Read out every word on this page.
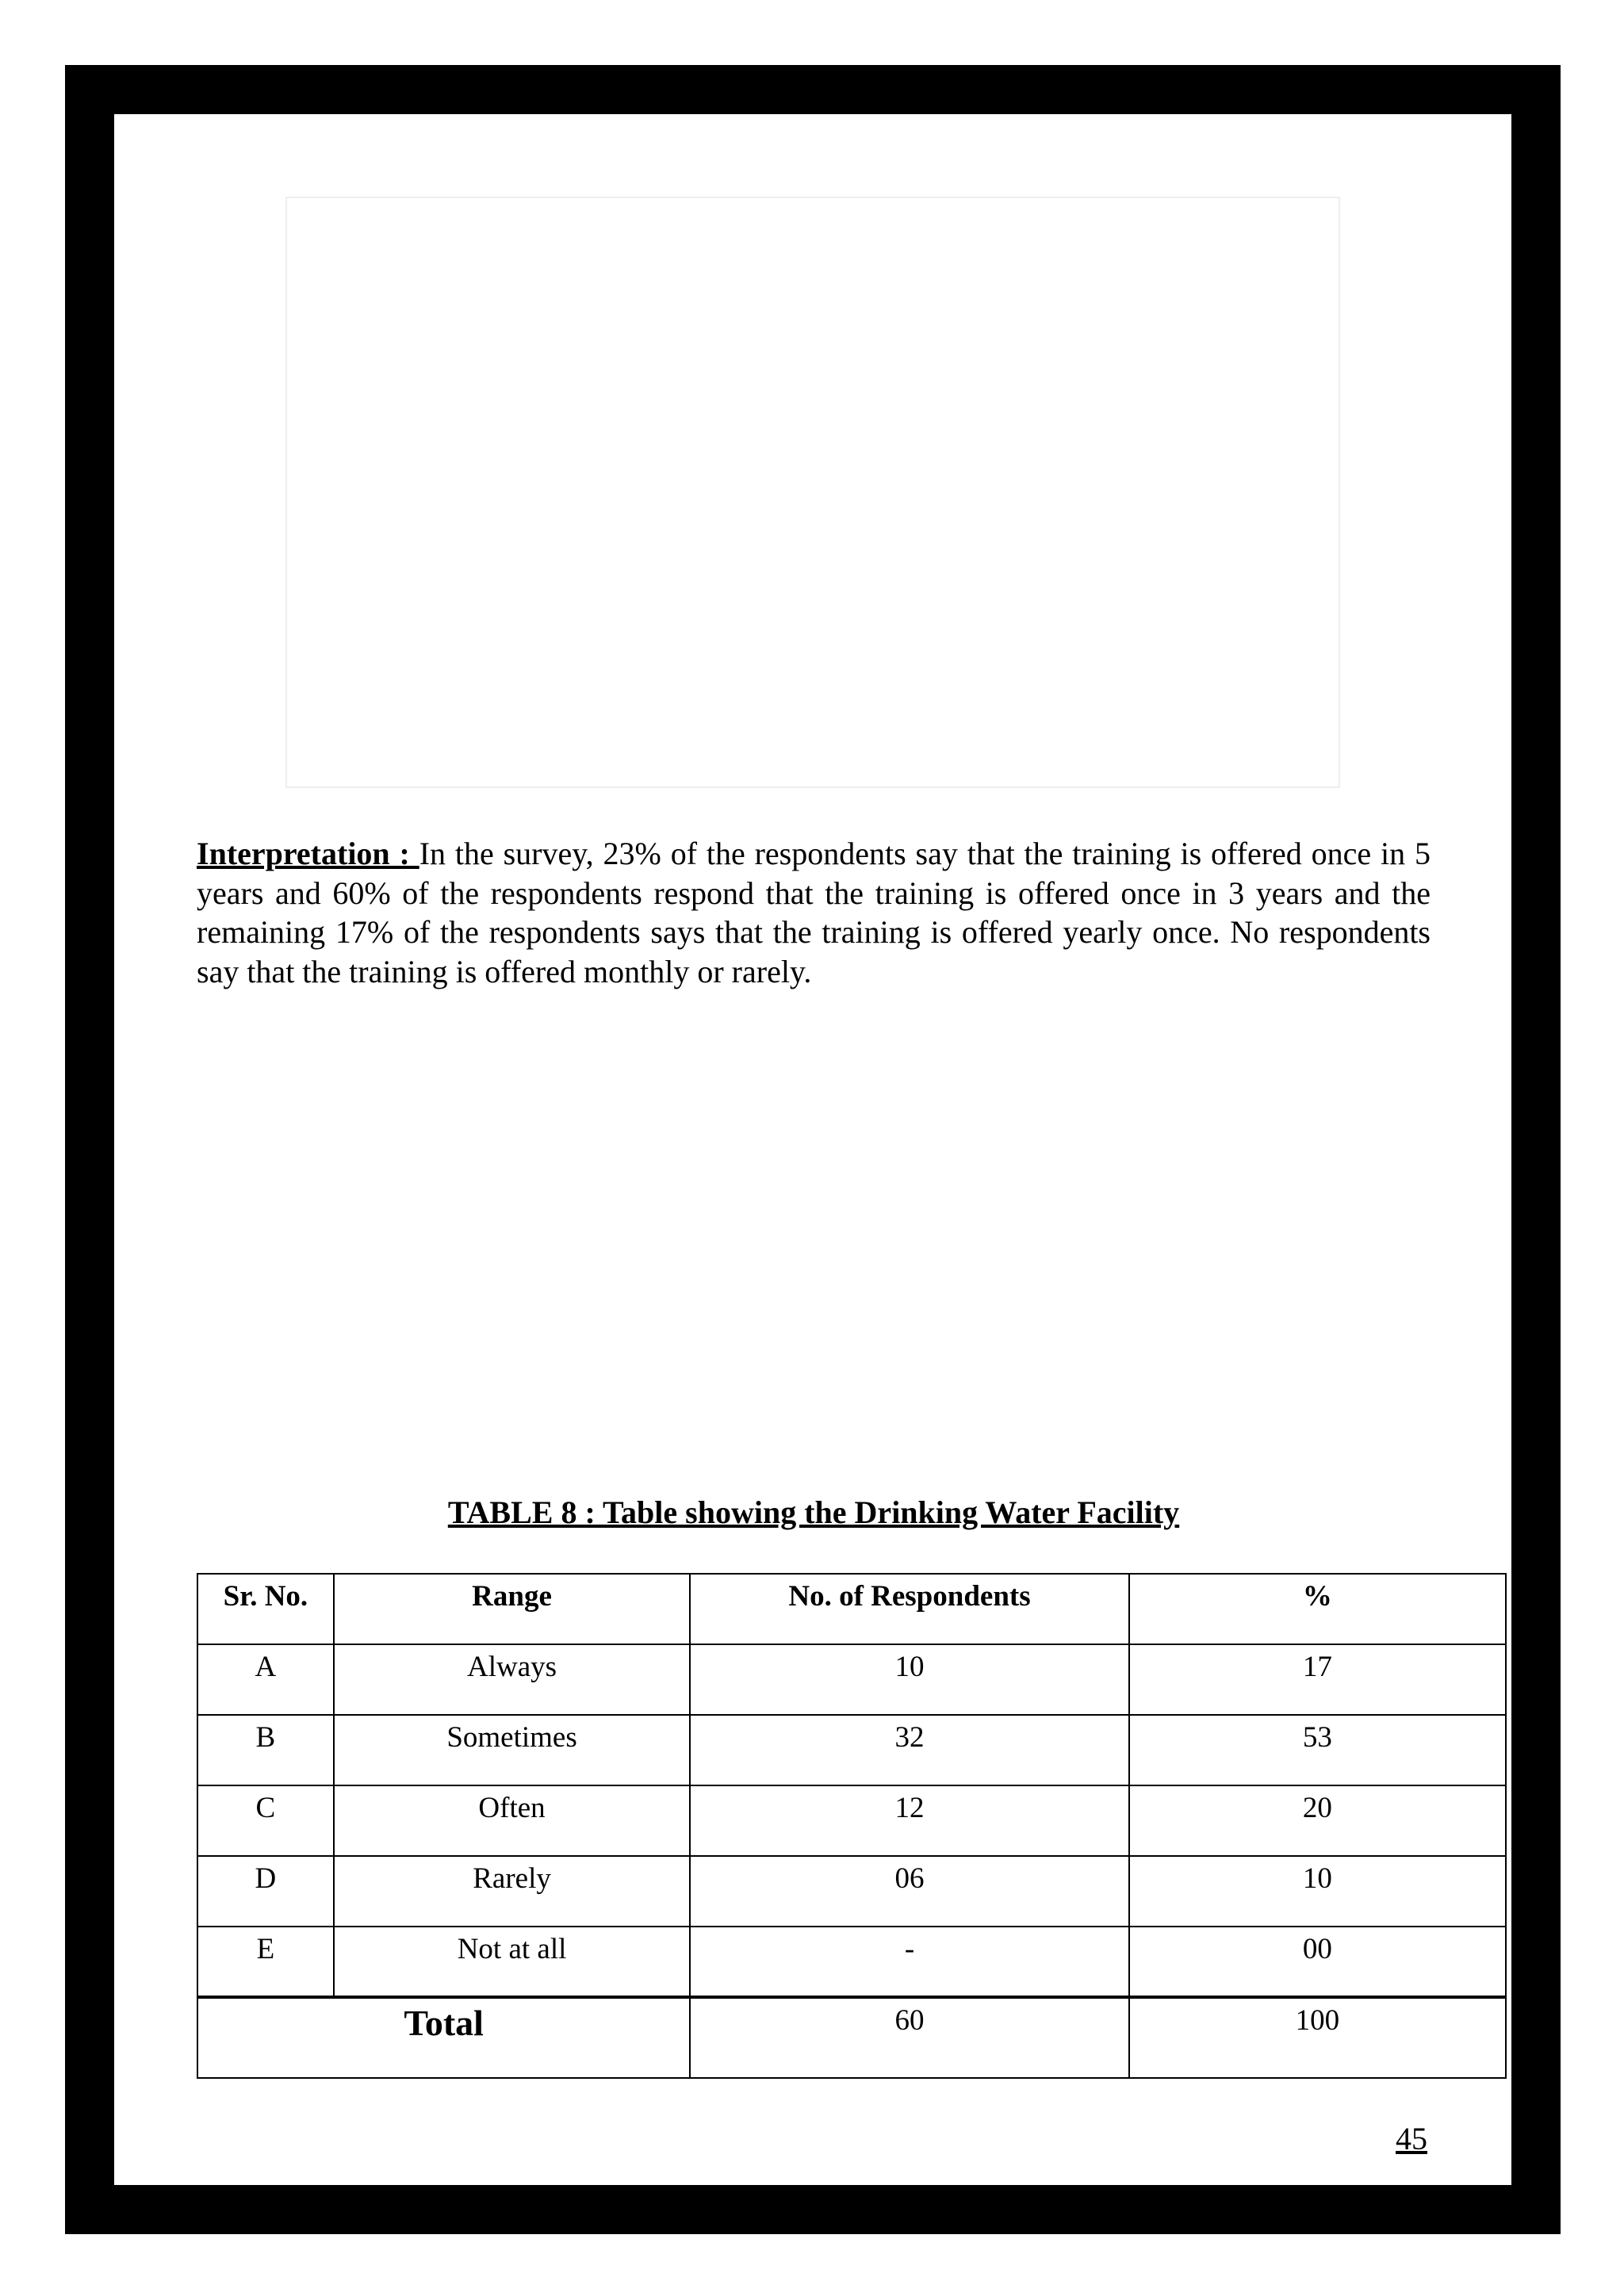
Interpretation : In the survey, 23% of the respondents say that the training is offered once in 5 years and 60% of the respondents respond that the training is offered once in 3 years and the remaining 17% of the respondents says that the training is offered yearly once. No respondents say that the training is offered monthly or rarely.

TABLE 8 : Table showing the Drinking Water Facility
Sr. No.	Range	No. of Respondents	%
A	Always	10	17
B	Sometimes	32	53
C	Often	12	20
D	Rarely	06	10
E	Not at all	-	00
Total		60	100
45
